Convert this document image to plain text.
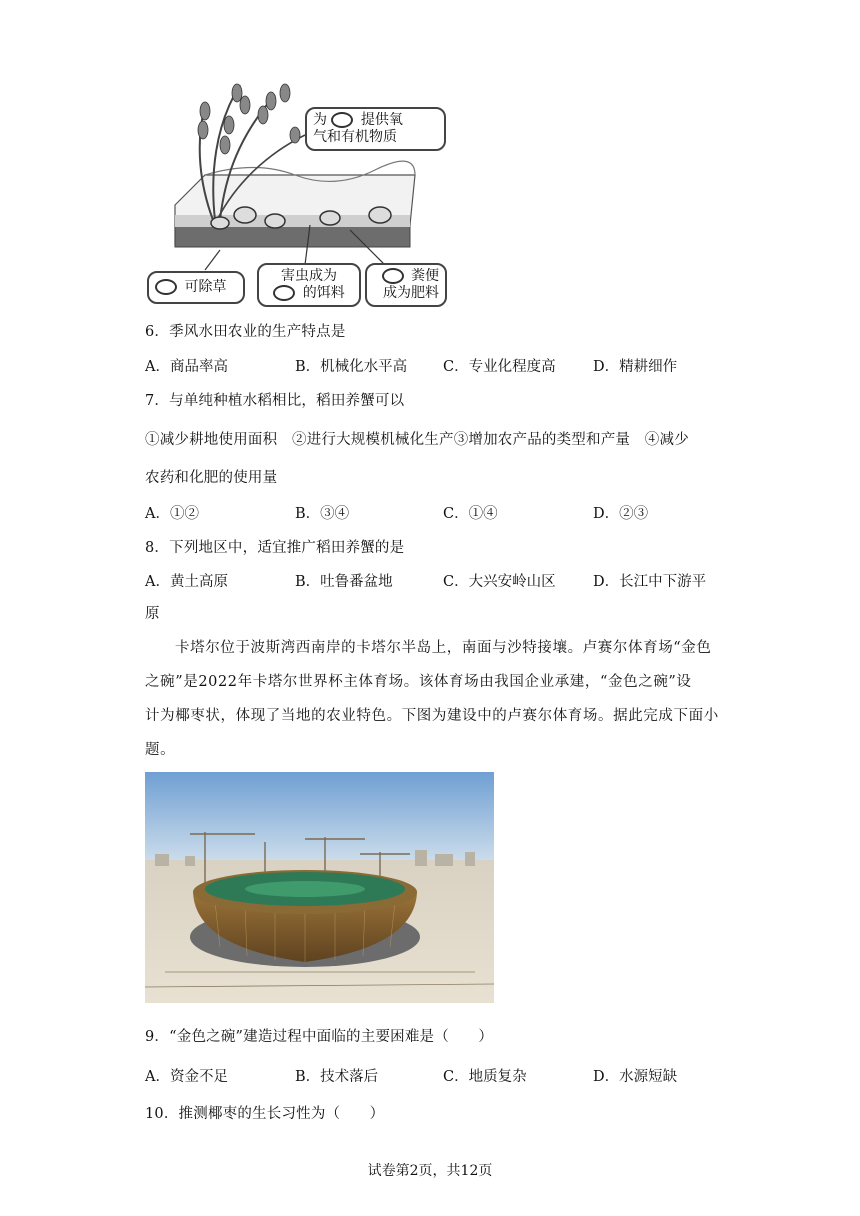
为 提供氧
气和有机物质
可除草
害虫成为
的饵料
粪便
成为肥料
6．季风水田农业的生产特点是
A．商品率高	B．机械化水平高 C．专业化程度高	D．精耕细作
7．与单纯种植水稻相比，稻田养蟹可以
①减少耕地使用面积　②进行大规模机械化生产③增加农产品的类型和产量　④减少
农药和化肥的使用量
A．①②	B．③④	C．①④	D．②③
8．下列地区中，适宜推广稻田养蟹的是
A．黄土高原	B．吐鲁番盆地	C．大兴安岭山区	D．长江中下游平
原
卡塔尔位于波斯湾西南岸的卡塔尔半岛上，南面与沙特接壤。卢赛尔体育场“金色
之碗”是2022年卡塔尔世界杯主体育场。该体育场由我国企业承建，“金色之碗”设
计为椰枣状，体现了当地的农业特色。下图为建设中的卢赛尔体育场。据此完成下面小
题。
9．“金色之碗”建造过程中面临的主要困难是（　　）
A．资金不足	B．技术落后	C．地质复杂	D．水源短缺
10．推测椰枣的生长习性为（　　）
试卷第2页，共12页
